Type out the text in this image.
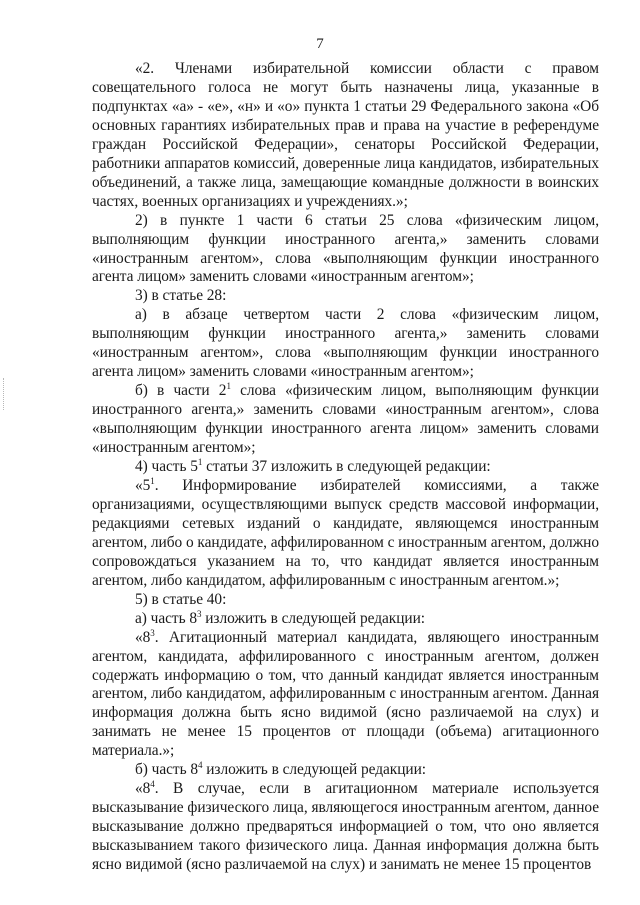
7

«2. Членами избирательной комиссии области с правом совещательного голоса не могут быть назначены лица, указанные в подпунктах «а» - «е», «н» и «о» пункта 1 статьи 29 Федерального закона «Об основных гарантиях избирательных прав и права на участие в референдуме граждан Российской Федерации», сенаторы Российской Федерации, работники аппаратов комиссий, доверенные лица кандидатов, избирательных объединений, а также лица, замещающие командные должности в воинских частях, военных организациях и учреждениях.»;

2) в пункте 1 части 6 статьи 25 слова «физическим лицом, выполняющим функции иностранного агента,» заменить словами «иностранным агентом», слова «выполняющим функции иностранного агента лицом» заменить словами «иностранным агентом»;

3) в статье 28:

а) в абзаце четвертом части 2 слова «физическим лицом, выполняющим функции иностранного агента,» заменить словами «иностранным агентом», слова «выполняющим функции иностранного агента лицом» заменить словами «иностранным агентом»;

б) в части $2^1$ слова «физическим лицом, выполняющим функции иностранного агента,» заменить словами «иностранным агентом», слова «выполняющим функции иностранного агента лицом» заменить словами «иностранным агентом»;

4) часть $5^1$ статьи 37 изложить в следующей редакции:

«$5^1$. Информирование избирателей комиссиями, а также организациями, осуществляющими выпуск средств массовой информации, редакциями сетевых изданий о кандидате, являющемся иностранным агентом, либо о кандидате, аффилированном с иностранным агентом, должно сопровождаться указанием на то, что кандидат является иностранным агентом, либо кандидатом, аффилированным с иностранным агентом.»;

5) в статье 40:

а) часть $8^3$ изложить в следующей редакции:

«$8^3$. Агитационный материал кандидата, являющего иностранным агентом, кандидата, аффилированного с иностранным агентом, должен содержать информацию о том, что данный кандидат является иностранным агентом, либо кандидатом, аффилированным с иностранным агентом. Данная информация должна быть ясно видимой (ясно различаемой на слух) и занимать не менее 15 процентов от площади (объема) агитационного материала.»;

б) часть $8^4$ изложить в следующей редакции:

«$8^4$. В случае, если в агитационном материале используется высказывание физического лица, являющегося иностранным агентом, данное высказывание должно предваряться информацией о том, что оно является высказыванием такого физического лица. Данная информация должна быть ясно видимой (ясно различаемой на слух) и занимать не менее 15 процентов
